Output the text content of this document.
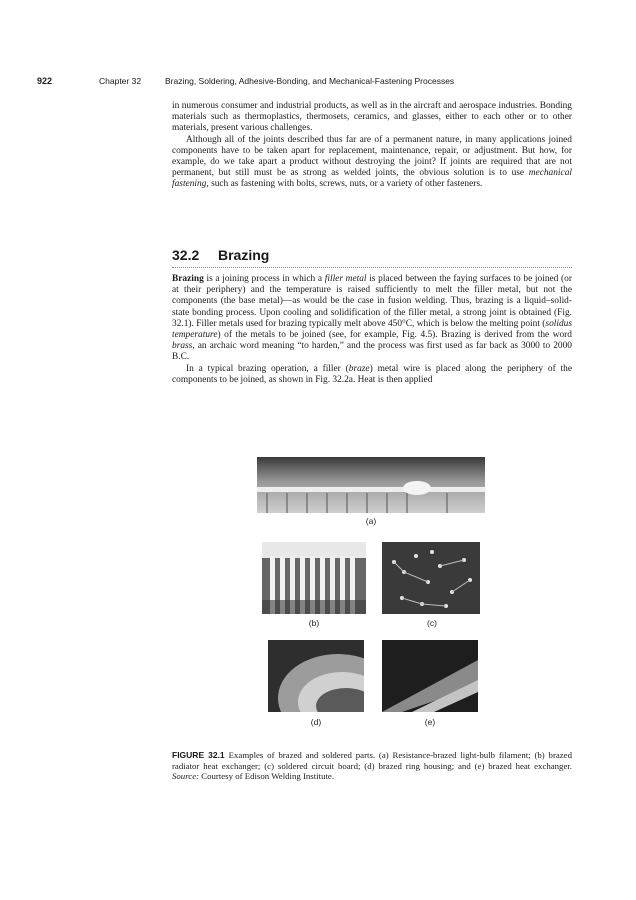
922	Chapter 32	Brazing, Soldering, Adhesive-Bonding, and Mechanical-Fastening Processes

in numerous consumer and industrial products, as well as in the aircraft and aerospace industries. Bonding materials such as thermoplastics, thermosets, ceramics, and glasses, either to each other or to other materials, present various challenges.

Although all of the joints described thus far are of a permanent nature, in many applications joined components have to be taken apart for replacement, maintenance, repair, or adjustment. But how, for example, do we take apart a product without destroying the joint? If joints are required that are not permanent, but still must be as strong as welded joints, the obvious solution is to use mechanical fastening, such as fastening with bolts, screws, nuts, or a variety of other fasteners.

32.2 Brazing

Brazing is a joining process in which a filler metal is placed between the faying surfaces to be joined (or at their periphery) and the temperature is raised sufficiently to melt the filler metal, but not the components (the base metal)—as would be the case in fusion welding. Thus, brazing is a liquid–solid-state bonding process. Upon cooling and solidification of the filler metal, a strong joint is obtained (Fig. 32.1). Filler metals used for brazing typically melt above 450°C, which is below the melting point (solidus temperature) of the metals to be joined (see, for example, Fig. 4.5). Brazing is derived from the word brass, an archaic word meaning “to harden,” and the process was first used as far back as 3000 to 2000 B.C.

In a typical brazing operation, a filler (braze) metal wire is placed along the periphery of the components to be joined, as shown in Fig. 32.2a. Heat is then applied

(a)
(b)	(c)
(d)	(e)
FIGURE 32.1 Examples of brazed and soldered parts. (a) Resistance-brazed light-bulb filament; (b) brazed radiator heat exchanger; (c) soldered circuit board; (d) brazed ring housing; and (e) brazed heat exchanger. Source: Courtesy of Edison Welding Institute.
